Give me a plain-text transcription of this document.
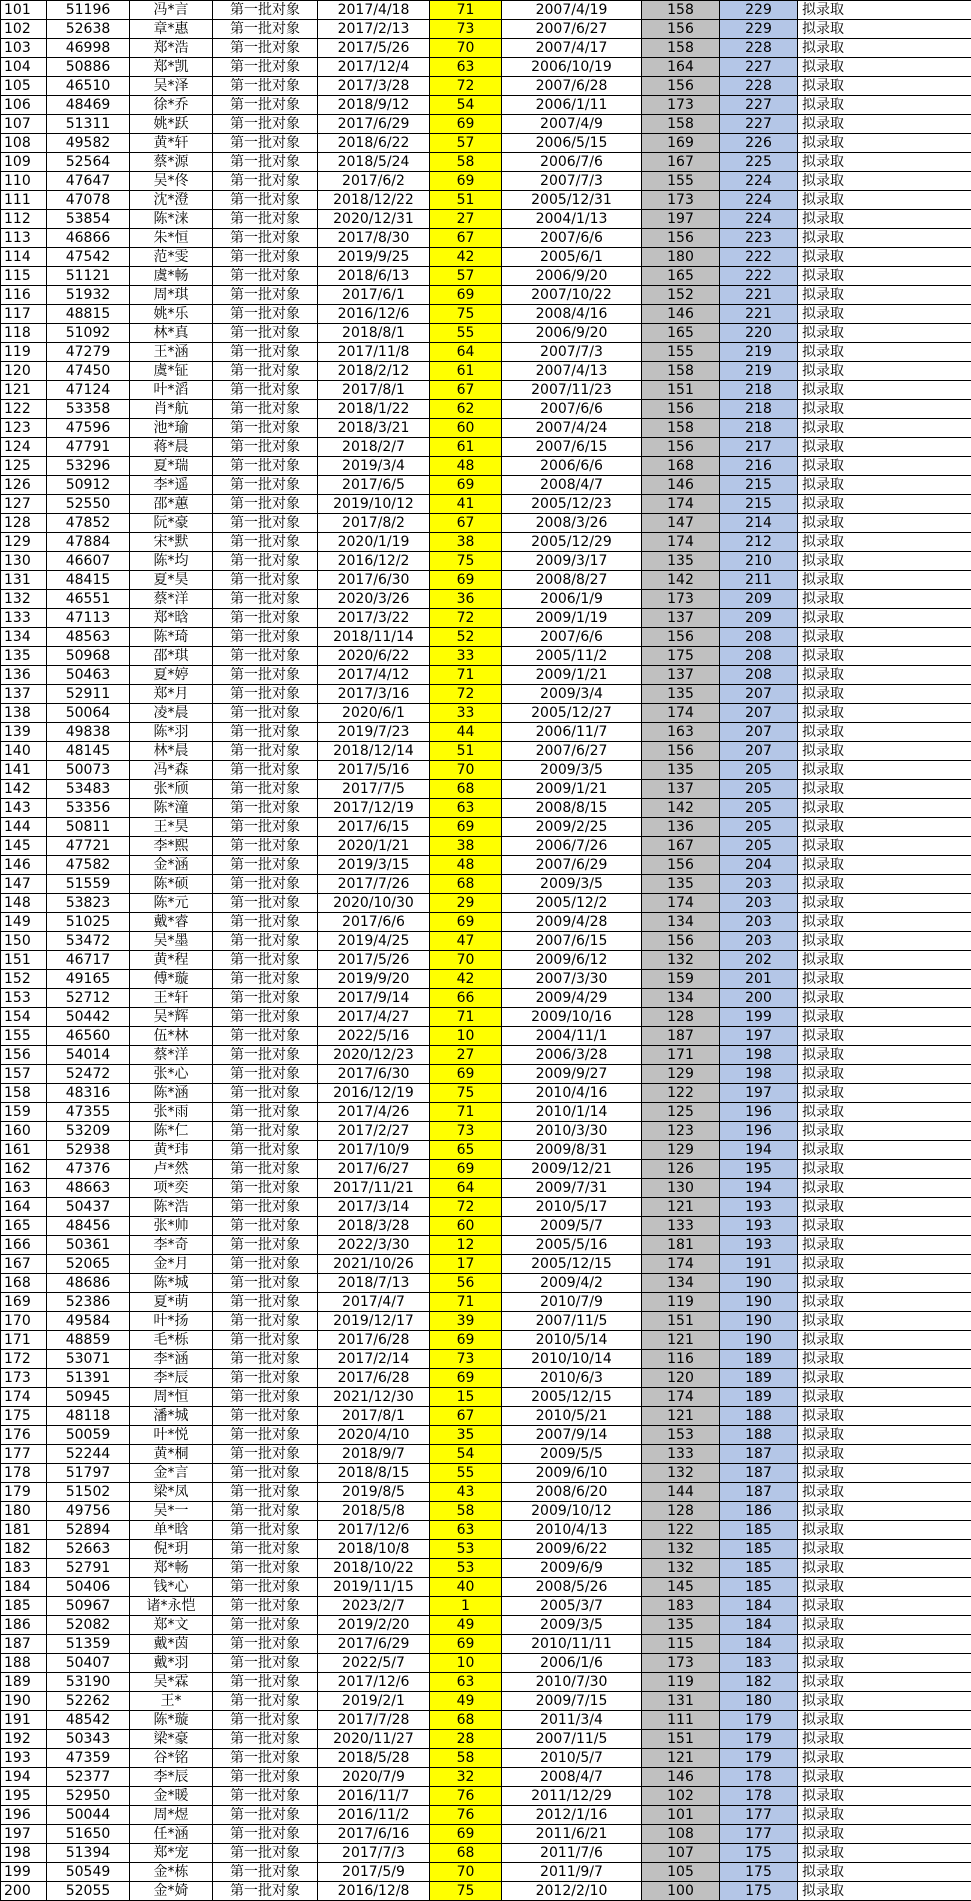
101	51196	冯*言	第一批对象	2017/4/18	71	2007/4/19	158	229	拟录取
102	52638	章*惠	第一批对象	2017/2/13	73	2007/6/27	156	229	拟录取
103	46998	郑*浩	第一批对象	2017/5/26	70	2007/4/17	158	228	拟录取
104	50886	郑*凯	第一批对象	2017/12/4	63	2006/10/19	164	227	拟录取
105	46510	吴*泽	第一批对象	2017/3/28	72	2007/6/28	156	228	拟录取
106	48469	徐*乔	第一批对象	2018/9/12	54	2006/1/11	173	227	拟录取
107	51311	姚*跃	第一批对象	2017/6/29	69	2007/4/9	158	227	拟录取
108	49582	黄*轩	第一批对象	2018/6/22	57	2006/5/15	169	226	拟录取
109	52564	蔡*源	第一批对象	2018/5/24	58	2006/7/6	167	225	拟录取
110	47647	吴*佟	第一批对象	2017/6/2	69	2007/7/3	155	224	拟录取
111	47078	沈*澄	第一批对象	2018/12/22	51	2005/12/31	173	224	拟录取
112	53854	陈*涞	第一批对象	2020/12/31	27	2004/1/13	197	224	拟录取
113	46866	朱*恒	第一批对象	2017/8/30	67	2007/6/6	156	223	拟录取
114	47542	范*雯	第一批对象	2019/9/25	42	2005/6/1	180	222	拟录取
115	51121	虞*畅	第一批对象	2018/6/13	57	2006/9/20	165	222	拟录取
116	51932	周*琪	第一批对象	2017/6/1	69	2007/10/22	152	221	拟录取
117	48815	姚*乐	第一批对象	2016/12/6	75	2008/4/16	146	221	拟录取
118	51092	林*真	第一批对象	2018/8/1	55	2006/9/20	165	220	拟录取
119	47279	王*涵	第一批对象	2017/11/8	64	2007/7/3	155	219	拟录取
120	47450	虞*钲	第一批对象	2018/2/12	61	2007/4/13	158	219	拟录取
121	47124	叶*滔	第一批对象	2017/8/1	67	2007/11/23	151	218	拟录取
122	53358	肖*航	第一批对象	2018/1/22	62	2007/6/6	156	218	拟录取
123	47596	池*瑜	第一批对象	2018/3/21	60	2007/4/24	158	218	拟录取
124	47791	蒋*晨	第一批对象	2018/2/7	61	2007/6/15	156	217	拟录取
125	53296	夏*瑞	第一批对象	2019/3/4	48	2006/6/6	168	216	拟录取
126	50912	李*遥	第一批对象	2017/6/5	69	2008/4/7	146	215	拟录取
127	52550	邵*蕙	第一批对象	2019/10/12	41	2005/12/23	174	215	拟录取
128	47852	阮*豪	第一批对象	2017/8/2	67	2008/3/26	147	214	拟录取
129	47884	宋*默	第一批对象	2020/1/19	38	2005/12/29	174	212	拟录取
130	46607	陈*均	第一批对象	2016/12/2	75	2009/3/17	135	210	拟录取
131	48415	夏*昊	第一批对象	2017/6/30	69	2008/8/27	142	211	拟录取
132	46551	蔡*洋	第一批对象	2020/3/26	36	2006/1/9	173	209	拟录取
133	47113	郑*晗	第一批对象	2017/3/22	72	2009/1/19	137	209	拟录取
134	48563	陈*琦	第一批对象	2018/11/14	52	2007/6/6	156	208	拟录取
135	50968	邵*琪	第一批对象	2020/6/22	33	2005/11/2	175	208	拟录取
136	50463	夏*婷	第一批对象	2017/4/12	71	2009/1/21	137	208	拟录取
137	52911	郑*月	第一批对象	2017/3/16	72	2009/3/4	135	207	拟录取
138	50064	凌*晨	第一批对象	2020/6/1	33	2005/12/27	174	207	拟录取
139	49838	陈*羽	第一批对象	2019/7/23	44	2006/11/7	163	207	拟录取
140	48145	林*晨	第一批对象	2018/12/14	51	2007/6/27	156	207	拟录取
141	50073	冯*森	第一批对象	2017/5/16	70	2009/3/5	135	205	拟录取
142	53483	张*颀	第一批对象	2017/7/5	68	2009/1/21	137	205	拟录取
143	53356	陈*潼	第一批对象	2017/12/19	63	2008/8/15	142	205	拟录取
144	50811	王*昊	第一批对象	2017/6/15	69	2009/2/25	136	205	拟录取
145	47721	李*熙	第一批对象	2020/1/21	38	2006/7/26	167	205	拟录取
146	47582	金*涵	第一批对象	2019/3/15	48	2007/6/29	156	204	拟录取
147	51559	陈*硕	第一批对象	2017/7/26	68	2009/3/5	135	203	拟录取
148	53823	陈*元	第一批对象	2020/10/30	29	2005/12/2	174	203	拟录取
149	51025	戴*睿	第一批对象	2017/6/6	69	2009/4/28	134	203	拟录取
150	53472	吴*墨	第一批对象	2019/4/25	47	2007/6/15	156	203	拟录取
151	46717	黄*程	第一批对象	2017/5/26	70	2009/6/12	132	202	拟录取
152	49165	傅*璇	第一批对象	2019/9/20	42	2007/3/30	159	201	拟录取
153	52712	王*轩	第一批对象	2017/9/14	66	2009/4/29	134	200	拟录取
154	50442	吴*辉	第一批对象	2017/4/27	71	2009/10/16	128	199	拟录取
155	46560	伍*林	第一批对象	2022/5/16	10	2004/11/1	187	197	拟录取
156	54014	蔡*洋	第一批对象	2020/12/23	27	2006/3/28	171	198	拟录取
157	52472	张*心	第一批对象	2017/6/30	69	2009/9/27	129	198	拟录取
158	48316	陈*涵	第一批对象	2016/12/19	75	2010/4/16	122	197	拟录取
159	47355	张*雨	第一批对象	2017/4/26	71	2010/1/14	125	196	拟录取
160	53209	陈*仁	第一批对象	2017/2/27	73	2010/3/30	123	196	拟录取
161	52938	黄*玮	第一批对象	2017/10/9	65	2009/8/31	129	194	拟录取
162	47376	卢*然	第一批对象	2017/6/27	69	2009/12/21	126	195	拟录取
163	48663	项*奕	第一批对象	2017/11/21	64	2009/7/31	130	194	拟录取
164	50437	陈*浩	第一批对象	2017/3/14	72	2010/5/17	121	193	拟录取
165	48456	张*帅	第一批对象	2018/3/28	60	2009/5/7	133	193	拟录取
166	50361	李*奇	第一批对象	2022/3/30	12	2005/5/16	181	193	拟录取
167	52065	金*月	第一批对象	2021/10/26	17	2005/12/15	174	191	拟录取
168	48686	陈*城	第一批对象	2018/7/13	56	2009/4/2	134	190	拟录取
169	52386	夏*萌	第一批对象	2017/4/7	71	2010/7/9	119	190	拟录取
170	49584	叶*扬	第一批对象	2019/12/17	39	2007/11/5	151	190	拟录取
171	48859	毛*栎	第一批对象	2017/6/28	69	2010/5/14	121	190	拟录取
172	53071	李*涵	第一批对象	2017/2/14	73	2010/10/14	116	189	拟录取
173	51391	李*辰	第一批对象	2017/6/28	69	2010/6/3	120	189	拟录取
174	50945	周*恒	第一批对象	2021/12/30	15	2005/12/15	174	189	拟录取
175	48118	潘*城	第一批对象	2017/8/1	67	2010/5/21	121	188	拟录取
176	50059	叶*悦	第一批对象	2020/4/10	35	2007/9/14	153	188	拟录取
177	52244	黄*桐	第一批对象	2018/9/7	54	2009/5/5	133	187	拟录取
178	51797	金*言	第一批对象	2018/8/15	55	2009/6/10	132	187	拟录取
179	51502	梁*凤	第一批对象	2019/8/5	43	2008/6/20	144	187	拟录取
180	49756	吴*一	第一批对象	2018/5/8	58	2009/10/12	128	186	拟录取
181	52894	单*晗	第一批对象	2017/12/6	63	2010/4/13	122	185	拟录取
182	52663	倪*玥	第一批对象	2018/10/8	53	2009/6/22	132	185	拟录取
183	52791	郑*畅	第一批对象	2018/10/22	53	2009/6/9	132	185	拟录取
184	50406	钱*心	第一批对象	2019/11/15	40	2008/5/26	145	185	拟录取
185	50967	诸*永恺	第一批对象	2023/2/7	1	2005/3/7	183	184	拟录取
186	52082	郑*文	第一批对象	2019/2/20	49	2009/3/5	135	184	拟录取
187	51359	戴*茵	第一批对象	2017/6/29	69	2010/11/11	115	184	拟录取
188	50407	戴*羽	第一批对象	2022/5/7	10	2006/1/6	173	183	拟录取
189	53190	吴*霖	第一批对象	2017/12/6	63	2010/7/30	119	182	拟录取
190	52262	王*	第一批对象	2019/2/1	49	2009/7/15	131	180	拟录取
191	48542	陈*璇	第一批对象	2017/7/28	68	2011/3/4	111	179	拟录取
192	50343	梁*豪	第一批对象	2020/11/27	28	2007/11/5	151	179	拟录取
193	47359	谷*铭	第一批对象	2018/5/28	58	2010/5/7	121	179	拟录取
194	52377	李*辰	第一批对象	2020/7/9	32	2008/4/7	146	178	拟录取
195	52950	金*暖	第一批对象	2016/11/7	76	2011/12/29	102	178	拟录取
196	50044	周*煜	第一批对象	2016/11/2	76	2012/1/16	101	177	拟录取
197	51650	任*涵	第一批对象	2017/6/16	69	2011/6/21	108	177	拟录取
198	51394	郑*宠	第一批对象	2017/7/3	68	2011/7/6	107	175	拟录取
199	50549	金*栋	第一批对象	2017/5/9	70	2011/9/7	105	175	拟录取
200	52055	金*婍	第一批对象	2016/12/8	75	2012/2/10	100	175	拟录取
